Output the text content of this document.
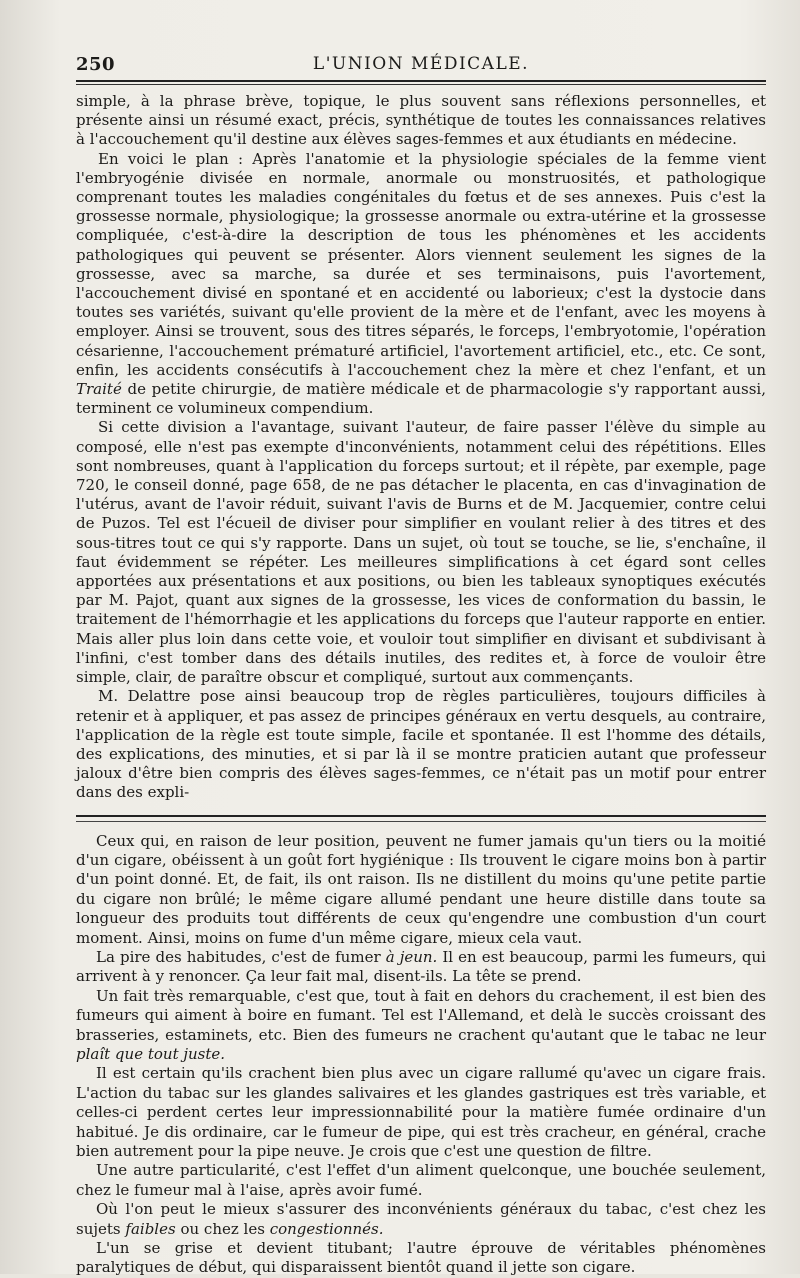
250	L'UNION MÉDICALE.

simple, à la phrase brève, topique, le plus souvent sans réflexions personnelles, et présente ainsi un résumé exact, précis, synthétique de toutes les connaissances relatives à l'accouchement qu'il destine aux élèves sages-femmes et aux étudiants en médecine.

En voici le plan : Après l'anatomie et la physiologie spéciales de la femme vient l'embryogénie divisée en normale, anormale ou monstruosités, et pathologique comprenant toutes les maladies congénitales du fœtus et de ses annexes. Puis c'est la grossesse normale, physiologique; la grossesse anormale ou extra-utérine et la grossesse compliquée, c'est-à-dire la description de tous les phénomènes et les accidents pathologiques qui peuvent se présenter. Alors viennent seulement les signes de la grossesse, avec sa marche, sa durée et ses terminaisons, puis l'avortement, l'accouchement divisé en spontané et en accidenté ou laborieux; c'est la dystocie dans toutes ses variétés, suivant qu'elle provient de la mère et de l'enfant, avec les moyens à employer. Ainsi se trouvent, sous des titres séparés, le forceps, l'embryotomie, l'opération césarienne, l'accouchement prématuré artificiel, l'avortement artificiel, etc., etc. Ce sont, enfin, les accidents consécutifs à l'accouchement chez la mère et chez l'enfant, et un Traité de petite chirurgie, de matière médicale et de pharmacologie s'y rapportant aussi, terminent ce volumineux compendium.

Si cette division a l'avantage, suivant l'auteur, de faire passer l'élève du simple au composé, elle n'est pas exempte d'inconvénients, notamment celui des répétitions. Elles sont nombreuses, quant à l'application du forceps surtout; et il répète, par exemple, page 720, le conseil donné, page 658, de ne pas détacher le placenta, en cas d'invagination de l'utérus, avant de l'avoir réduit, suivant l'avis de Burns et de M. Jacquemier, contre celui de Puzos. Tel est l'écueil de diviser pour simplifier en voulant relier à des titres et des sous-titres tout ce qui s'y rapporte. Dans un sujet, où tout se touche, se lie, s'enchaîne, il faut évidemment se répéter. Les meilleures simplifications à cet égard sont celles apportées aux présentations et aux positions, ou bien les tableaux synoptiques exécutés par M. Pajot, quant aux signes de la grossesse, les vices de conformation du bassin, le traitement de l'hémorrhagie et les applications du forceps que l'auteur rapporte en entier. Mais aller plus loin dans cette voie, et vouloir tout simplifier en divisant et subdivisant à l'infini, c'est tomber dans des détails inutiles, des redites et, à force de vouloir être simple, clair, de paraître obscur et compliqué, surtout aux commençants.

M. Delattre pose ainsi beaucoup trop de règles particulières, toujours difficiles à retenir et à appliquer, et pas assez de principes généraux en vertu desquels, au contraire, l'application de la règle est toute simple, facile et spontanée. Il est l'homme des détails, des explications, des minuties, et si par là il se montre praticien autant que professeur jaloux d'être bien compris des élèves sages-femmes, ce n'était pas un motif pour entrer dans des expli-

Ceux qui, en raison de leur position, peuvent ne fumer jamais qu'un tiers ou la moitié d'un cigare, obéissent à un goût fort hygiénique : Ils trouvent le cigare moins bon à partir d'un point donné. Et, de fait, ils ont raison. Ils ne distillent du moins qu'une petite partie du cigare non brûlé; le même cigare allumé pendant une heure distille dans toute sa longueur des produits tout différents de ceux qu'engendre une combustion d'un court moment. Ainsi, moins on fume d'un même cigare, mieux cela vaut.

La pire des habitudes, c'est de fumer à jeun. Il en est beaucoup, parmi les fumeurs, qui arrivent à y renoncer. Ça leur fait mal, disent-ils. La tête se prend.

Un fait très remarquable, c'est que, tout à fait en dehors du crachement, il est bien des fumeurs qui aiment à boire en fumant. Tel est l'Allemand, et delà le succès croissant des brasseries, estaminets, etc. Bien des fumeurs ne crachent qu'autant que le tabac ne leur plaît que tout juste.

Il est certain qu'ils crachent bien plus avec un cigare rallumé qu'avec un cigare frais. L'action du tabac sur les glandes salivaires et les glandes gastriques est très variable, et celles-ci perdent certes leur impressionnabilité pour la matière fumée ordinaire d'un habitué. Je dis ordinaire, car le fumeur de pipe, qui est très cracheur, en général, crache bien autrement pour la pipe neuve. Je crois que c'est une question de filtre.

Une autre particularité, c'est l'effet d'un aliment quelconque, une bouchée seulement, chez le fumeur mal à l'aise, après avoir fumé.

Où l'on peut le mieux s'assurer des inconvénients généraux du tabac, c'est chez les sujets faibles ou chez les congestionnés.

L'un se grise et devient titubant; l'autre éprouve de véritables phénomènes paralytiques de début, qui disparaissent bientôt quand il jette son cigare.
